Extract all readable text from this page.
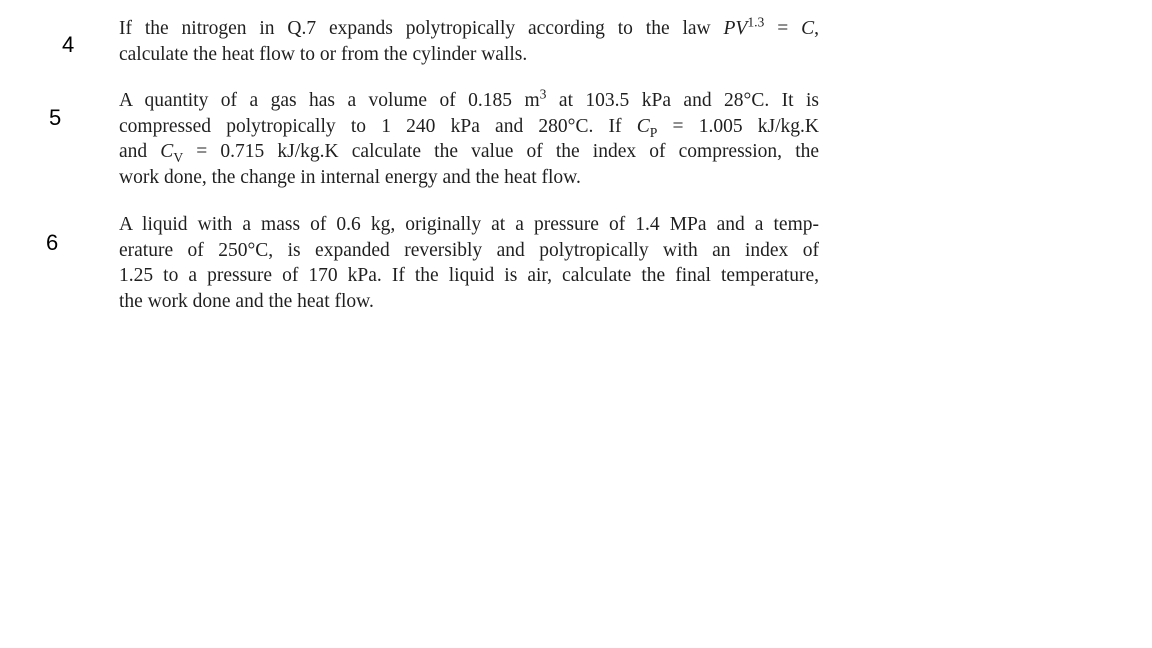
4
If the nitrogen in Q.7 expands polytropically according to the law $PV^{1.3} = C$,
calculate the heat flow to or from the cylinder walls.
5
A quantity of a gas has a volume of 0.185 $m^3$ at 103.5 kPa and 28°C. It is
compressed polytropically to 1 240 kPa and 280°C. If $C_P = 1.005$ kJ/kg.K
and $C_V = 0.715$ kJ/kg.K calculate the value of the index of compression, the
work done, the change in internal energy and the heat flow.
6
A liquid with a mass of 0.6 kg, originally at a pressure of 1.4 MPa and a temp-
erature of 250°C, is expanded reversibly and polytropically with an index of
1.25 to a pressure of 170 kPa. If the liquid is air, calculate the final temperature,
the work done and the heat flow.
